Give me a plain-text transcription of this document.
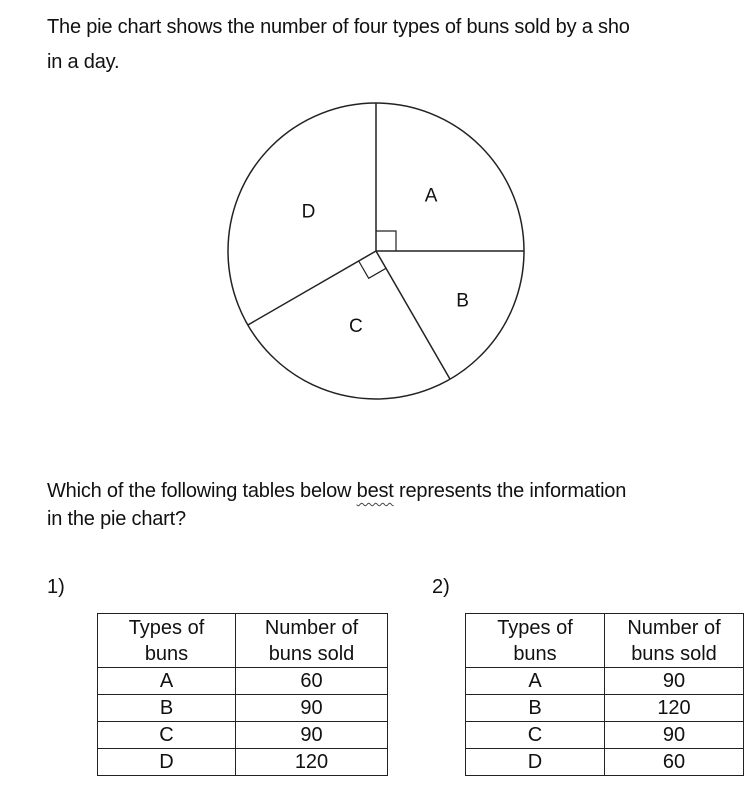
The pie chart shows the number of four types of buns sold by a sho
in a day.
A
B
C
D
Which of the following tables below best represents the information
in the pie chart?
1)
Types of
buns	Number of
buns sold
A	60
B	90
C	90
D	120
2)
Types of
buns	Number of
buns sold
A	90
B	120
C	90
D	60
